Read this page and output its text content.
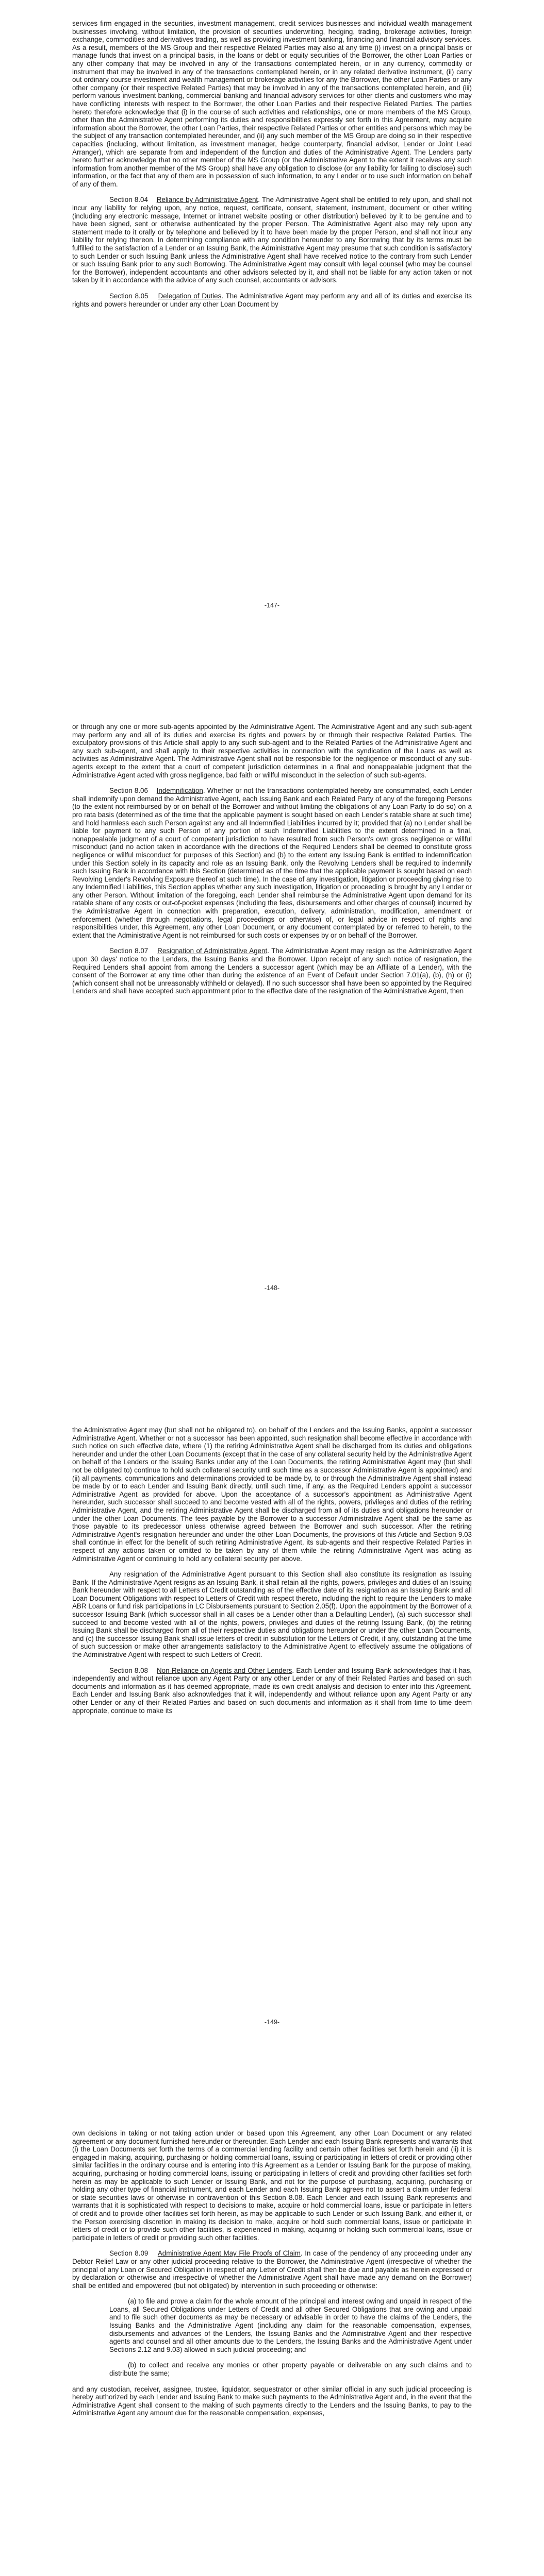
services firm engaged in the securities, investment management, credit services businesses and individual wealth management businesses involving, without limitation, the provision of securities underwriting, hedging, trading, brokerage activities, foreign exchange, commodities and derivatives trading, as well as providing investment banking, financing and financial advisory services. As a result, members of the MS Group and their respective Related Parties may also at any time (i) invest on a principal basis or manage funds that invest on a principal basis, in the loans or debt or equity securities of the Borrower, the other Loan Parties or any other company that may be involved in any of the transactions contemplated herein, or in any currency, commodity or instrument that may be involved in any of the transactions contemplated herein, or in any related derivative instrument, (ii) carry out ordinary course investment and wealth management or brokerage activities for any the Borrower, the other Loan Parties or any other company (or their respective Related Parties) that may be involved in any of the transactions contemplated herein, and (iii) perform various investment banking, commercial banking and financial advisory services for other clients and customers who may have conflicting interests with respect to the Borrower, the other Loan Parties and their respective Related Parties. The parties hereto therefore acknowledge that (i) in the course of such activities and relationships, one or more members of the MS Group, other than the Administrative Agent performing its duties and responsibilities expressly set forth in this Agreement, may acquire information about the Borrower, the other Loan Parties, their respective Related Parties or other entities and persons which may be the subject of any transaction contemplated hereunder, and (ii) any such member of the MS Group are doing so in their respective capacities (including, without limitation, as investment manager, hedge counterparty, financial advisor, Lender or Joint Lead Arranger), which are separate from and independent of the function and duties of the Administrative Agent. The Lenders party hereto further acknowledge that no other member of the MS Group (or the Administrative Agent to the extent it receives any such information from another member of the MS Group) shall have any obligation to disclose (or any liability for failing to disclose) such information, or the fact that any of them are in possession of such information, to any Lender or to use such information on behalf of any of them.

Section 8.04 Reliance by Administrative Agent. The Administrative Agent shall be entitled to rely upon, and shall not incur any liability for relying upon, any notice, request, certificate, consent, statement, instrument, document or other writing (including any electronic message, Internet or intranet website posting or other distribution) believed by it to be genuine and to have been signed, sent or otherwise authenticated by the proper Person. The Administrative Agent also may rely upon any statement made to it orally or by telephone and believed by it to have been made by the proper Person, and shall not incur any liability for relying thereon. In determining compliance with any condition hereunder to any Borrowing that by its terms must be fulfilled to the satisfaction of a Lender or an Issuing Bank, the Administrative Agent may presume that such condition is satisfactory to such Lender or such Issuing Bank unless the Administrative Agent shall have received notice to the contrary from such Lender or such Issuing Bank prior to any such Borrowing. The Administrative Agent may consult with legal counsel (who may be counsel for the Borrower), independent accountants and other advisors selected by it, and shall not be liable for any action taken or not taken by it in accordance with the advice of any such counsel, accountants or advisors.

Section 8.05 Delegation of Duties. The Administrative Agent may perform any and all of its duties and exercise its rights and powers hereunder or under any other Loan Document by

-147-

or through any one or more sub-agents appointed by the Administrative Agent. The Administrative Agent and any such sub-agent may perform any and all of its duties and exercise its rights and powers by or through their respective Related Parties. The exculpatory provisions of this Article shall apply to any such sub-agent and to the Related Parties of the Administrative Agent and any such sub-agent, and shall apply to their respective activities in connection with the syndication of the Loans as well as activities as Administrative Agent. The Administrative Agent shall not be responsible for the negligence or misconduct of any sub-agents except to the extent that a court of competent jurisdiction determines in a final and nonappealable judgment that the Administrative Agent acted with gross negligence, bad faith or willful misconduct in the selection of such sub-agents.

Section 8.06 Indemnification. Whether or not the transactions contemplated hereby are consummated, each Lender shall indemnify upon demand the Administrative Agent, each Issuing Bank and each Related Party of any of the foregoing Persons (to the extent not reimbursed by or on behalf of the Borrower and without limiting the obligations of any Loan Party to do so) on a pro rata basis (determined as of the time that the applicable payment is sought based on each Lender's ratable share at such time) and hold harmless each such Person against any and all Indemnified Liabilities incurred by it; provided that (a) no Lender shall be liable for payment to any such Person of any portion of such Indemnified Liabilities to the extent determined in a final, nonappealable judgment of a court of competent jurisdiction to have resulted from such Person's own gross negligence or willful misconduct (and no action taken in accordance with the directions of the Required Lenders shall be deemed to constitute gross negligence or willful misconduct for purposes of this Section) and (b) to the extent any Issuing Bank is entitled to indemnification under this Section solely in its capacity and role as an Issuing Bank, only the Revolving Lenders shall be required to indemnify such Issuing Bank in accordance with this Section (determined as of the time that the applicable payment is sought based on each Revolving Lender's Revolving Exposure thereof at such time). In the case of any investigation, litigation or proceeding giving rise to any Indemnified Liabilities, this Section applies whether any such investigation, litigation or proceeding is brought by any Lender or any other Person. Without limitation of the foregoing, each Lender shall reimburse the Administrative Agent upon demand for its ratable share of any costs or out-of-pocket expenses (including the fees, disbursements and other charges of counsel) incurred by the Administrative Agent in connection with preparation, execution, delivery, administration, modification, amendment or enforcement (whether through negotiations, legal proceedings or otherwise) of, or legal advice in respect of rights and responsibilities under, this Agreement, any other Loan Document, or any document contemplated by or referred to herein, to the extent that the Administrative Agent is not reimbursed for such costs or expenses by or on behalf of the Borrower.

Section 8.07 Resignation of Administrative Agent. The Administrative Agent may resign as the Administrative Agent upon 30 days' notice to the Lenders, the Issuing Banks and the Borrower. Upon receipt of any such notice of resignation, the Required Lenders shall appoint from among the Lenders a successor agent (which may be an Affiliate of a Lender), with the consent of the Borrower at any time other than during the existence of an Event of Default under Section 7.01(a), (b), (h) or (i) (which consent shall not be unreasonably withheld or delayed). If no such successor shall have been so appointed by the Required Lenders and shall have accepted such appointment prior to the effective date of the resignation of the Administrative Agent, then

-148-

the Administrative Agent may (but shall not be obligated to), on behalf of the Lenders and the Issuing Banks, appoint a successor Administrative Agent. Whether or not a successor has been appointed, such resignation shall become effective in accordance with such notice on such effective date, where (1) the retiring Administrative Agent shall be discharged from its duties and obligations hereunder and under the other Loan Documents (except that in the case of any collateral security held by the Administrative Agent on behalf of the Lenders or the Issuing Banks under any of the Loan Documents, the retiring Administrative Agent may (but shall not be obligated to) continue to hold such collateral security until such time as a successor Administrative Agent is appointed) and (ii) all payments, communications and determinations provided to be made by, to or through the Administrative Agent shall instead be made by or to each Lender and Issuing Bank directly, until such time, if any, as the Required Lenders appoint a successor Administrative Agent as provided for above. Upon the acceptance of a successor's appointment as Administrative Agent hereunder, such successor shall succeed to and become vested with all of the rights, powers, privileges and duties of the retiring Administrative Agent, and the retiring Administrative Agent shall be discharged from all of its duties and obligations hereunder or under the other Loan Documents. The fees payable by the Borrower to a successor Administrative Agent shall be the same as those payable to its predecessor unless otherwise agreed between the Borrower and such successor. After the retiring Administrative Agent's resignation hereunder and under the other Loan Documents, the provisions of this Article and Section 9.03 shall continue in effect for the benefit of such retiring Administrative Agent, its sub-agents and their respective Related Parties in respect of any actions taken or omitted to be taken by any of them while the retiring Administrative Agent was acting as Administrative Agent or continuing to hold any collateral security per above.

Any resignation of the Administrative Agent pursuant to this Section shall also constitute its resignation as Issuing Bank. If the Administrative Agent resigns as an Issuing Bank, it shall retain all the rights, powers, privileges and duties of an Issuing Bank hereunder with respect to all Letters of Credit outstanding as of the effective date of its resignation as an Issuing Bank and all Loan Document Obligations with respect to Letters of Credit with respect thereto, including the right to require the Lenders to make ABR Loans or fund risk participations in LC Disbursements pursuant to Section 2.05(f). Upon the appointment by the Borrower of a successor Issuing Bank (which successor shall in all cases be a Lender other than a Defaulting Lender), (a) such successor shall succeed to and become vested with all of the rights, powers, privileges and duties of the retiring Issuing Bank, (b) the retiring Issuing Bank shall be discharged from all of their respective duties and obligations hereunder or under the other Loan Documents, and (c) the successor Issuing Bank shall issue letters of credit in substitution for the Letters of Credit, if any, outstanding at the time of such succession or make other arrangements satisfactory to the Administrative Agent to effectively assume the obligations of the Administrative Agent with respect to such Letters of Credit.

Section 8.08 Non-Reliance on Agents and Other Lenders. Each Lender and Issuing Bank acknowledges that it has, independently and without reliance upon any Agent Party or any other Lender or any of their Related Parties and based on such documents and information as it has deemed appropriate, made its own credit analysis and decision to enter into this Agreement. Each Lender and Issuing Bank also acknowledges that it will, independently and without reliance upon any Agent Party or any other Lender or any of their Related Parties and based on such documents and information as it shall from time to time deem appropriate, continue to make its

-149-

own decisions in taking or not taking action under or based upon this Agreement, any other Loan Document or any related agreement or any document furnished hereunder or thereunder. Each Lender and each Issuing Bank represents and warrants that (i) the Loan Documents set forth the terms of a commercial lending facility and certain other facilities set forth herein and (ii) it is engaged in making, acquiring, purchasing or holding commercial loans, issuing or participating in letters of credit or providing other similar facilities in the ordinary course and is entering into this Agreement as a Lender or Issuing Bank for the purpose of making, acquiring, purchasing or holding commercial loans, issuing or participating in letters of credit and providing other facilities set forth herein as may be applicable to such Lender or Issuing Bank, and not for the purpose of purchasing, acquiring, purchasing or holding any other type of financial instrument, and each Lender and each Issuing Bank agrees not to assert a claim under federal or state securities laws or otherwise in contravention of this Section 8.08. Each Lender and each Issuing Bank represents and warrants that it is sophisticated with respect to decisions to make, acquire or hold commercial loans, issue or participate in letters of credit and to provide other facilities set forth herein, as may be applicable to such Lender or such Issuing Bank, and either it, or the Person exercising discretion in making its decision to make, acquire or hold such commercial loans, issue or participate in letters of credit or to provide such other facilities, is experienced in making, acquiring or holding such commercial loans, issue or participate in letters of credit or providing such other facilities.

Section 8.09 Administrative Agent May File Proofs of Claim. In case of the pendency of any proceeding under any Debtor Relief Law or any other judicial proceeding relative to the Borrower, the Administrative Agent (irrespective of whether the principal of any Loan or Secured Obligation in respect of any Letter of Credit shall then be due and payable as herein expressed or by declaration or otherwise and irrespective of whether the Administrative Agent shall have made any demand on the Borrower) shall be entitled and empowered (but not obligated) by intervention in such proceeding or otherwise:

(a) to file and prove a claim for the whole amount of the principal and interest owing and unpaid in respect of the Loans, all Secured Obligations under Letters of Credit and all other Secured Obligations that are owing and unpaid and to file such other documents as may be necessary or advisable in order to have the claims of the Lenders, the Issuing Banks and the Administrative Agent (including any claim for the reasonable compensation, expenses, disbursements and advances of the Lenders, the Issuing Banks and the Administrative Agent and their respective agents and counsel and all other amounts due to the Lenders, the Issuing Banks and the Administrative Agent under Sections 2.12 and 9.03) allowed in such judicial proceeding; and

(b) to collect and receive any monies or other property payable or deliverable on any such claims and to distribute the same;

and any custodian, receiver, assignee, trustee, liquidator, sequestrator or other similar official in any such judicial proceeding is hereby authorized by each Lender and Issuing Bank to make such payments to the Administrative Agent and, in the event that the Administrative Agent shall consent to the making of such payments directly to the Lenders and the Issuing Banks, to pay to the Administrative Agent any amount due for the reasonable compensation, expenses,
